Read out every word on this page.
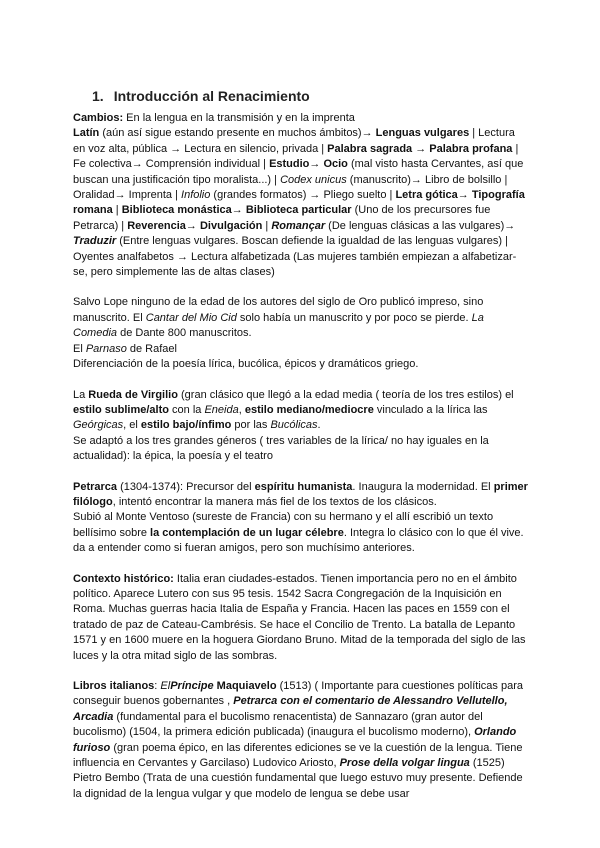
1. Introducción al Renacimiento

Cambios: En la lengua en la transmisión y en la imprenta
Latín (aún así sigue estando presente en muchos ámbitos)→ Lenguas vulgares | Lectura en voz alta, pública → Lectura en silencio, privada | Palabra sagrada → Palabra profana | Fe colectiva→ Comprensión individual | Estudio→ Ocio (mal visto hasta Cervantes, así que buscan una justificación tipo moralista...) | Codex unicus (manuscrito)→ Libro de bolsillo | Oralidad→ Imprenta | Infolio (grandes formatos) → Pliego suelto | Letra gótica→ Tipografía romana | Biblioteca monástica→ Biblioteca particular (Uno de los precursores fue Petrarca) | Reverencia→ Divulgación | Romançar (De lenguas clásicas a las vulgares)→ Traduzir (Entre lenguas vulgares. Boscan defiende la igualdad de las lenguas vulgares) | Oyentes analfabetos → Lectura alfabetizada (Las mujeres también empiezan a alfabetizar-se, pero simplemente las de altas clases)

Salvo Lope ninguno de la edad de los autores del siglo de Oro publicó impreso, sino manuscrito. El Cantar del Mio Cid solo había un manuscrito y por poco se pierde. La Comedia de Dante 800 manuscritos.
El Parnaso de Rafael
Diferenciación de la poesía lírica, bucólica, épicos y dramáticos griego.

La Rueda de Virgilio (gran clásico que llegó a la edad media ( teoría de los tres estilos) el estilo sublime/alto con la Eneida, estilo mediano/mediocre vinculado a la lírica las Geórgicas, el estilo bajo/ínfimo por las Bucólicas.
Se adaptó a los tres grandes géneros ( tres variables de la lírica/ no hay iguales en la actualidad): la épica, la poesía y el teatro

Petrarca (1304-1374): Precursor del espíritu humanista. Inaugura la modernidad. El primer filólogo, intentó encontrar la manera más fiel de los textos de los clásicos.
Subió al Monte Ventoso (sureste de Francia) con su hermano y el allí escribió un texto bellísimo sobre la contemplación de un lugar célebre. Integra lo clásico con lo que él vive. da a entender como si fueran amigos, pero son muchísimo anteriores.

Contexto histórico: Italia eran ciudades-estados. Tienen importancia pero no en el ámbito político. Aparece Lutero con sus 95 tesis. 1542 Sacra Congregación de la Inquisición en Roma. Muchas guerras hacia Italia de España y Francia. Hacen las paces en 1559 con el tratado de paz de Cateau-Cambrésis. Se hace el Concilio de Trento. La batalla de Lepanto 1571 y en 1600 muere en la hoguera Giordano Bruno. Mitad de la temporada del siglo de las luces y la otra mitad siglo de las sombras.

Libros italianos: ElPríncipe Maquiavelo (1513) ( Importante para cuestiones políticas para conseguir buenos gobernantes , Petrarca con el comentario de Alessandro Vellutello, Arcadia (fundamental para el bucolismo renacentista) de Sannazaro (gran autor del bucolismo) (1504, la primera edición publicada) (inaugura el bucolismo moderno), Orlando furioso (gran poema épico, en las diferentes ediciones se ve la cuestión de la lengua. Tiene influencia en Cervantes y Garcilaso) Ludovico Ariosto, Prose della volgar lingua (1525) Pietro Bembo (Trata de una cuestión fundamental que luego estuvo muy presente. Defiende la dignidad de la lengua vulgar y que modelo de lengua se debe usar
